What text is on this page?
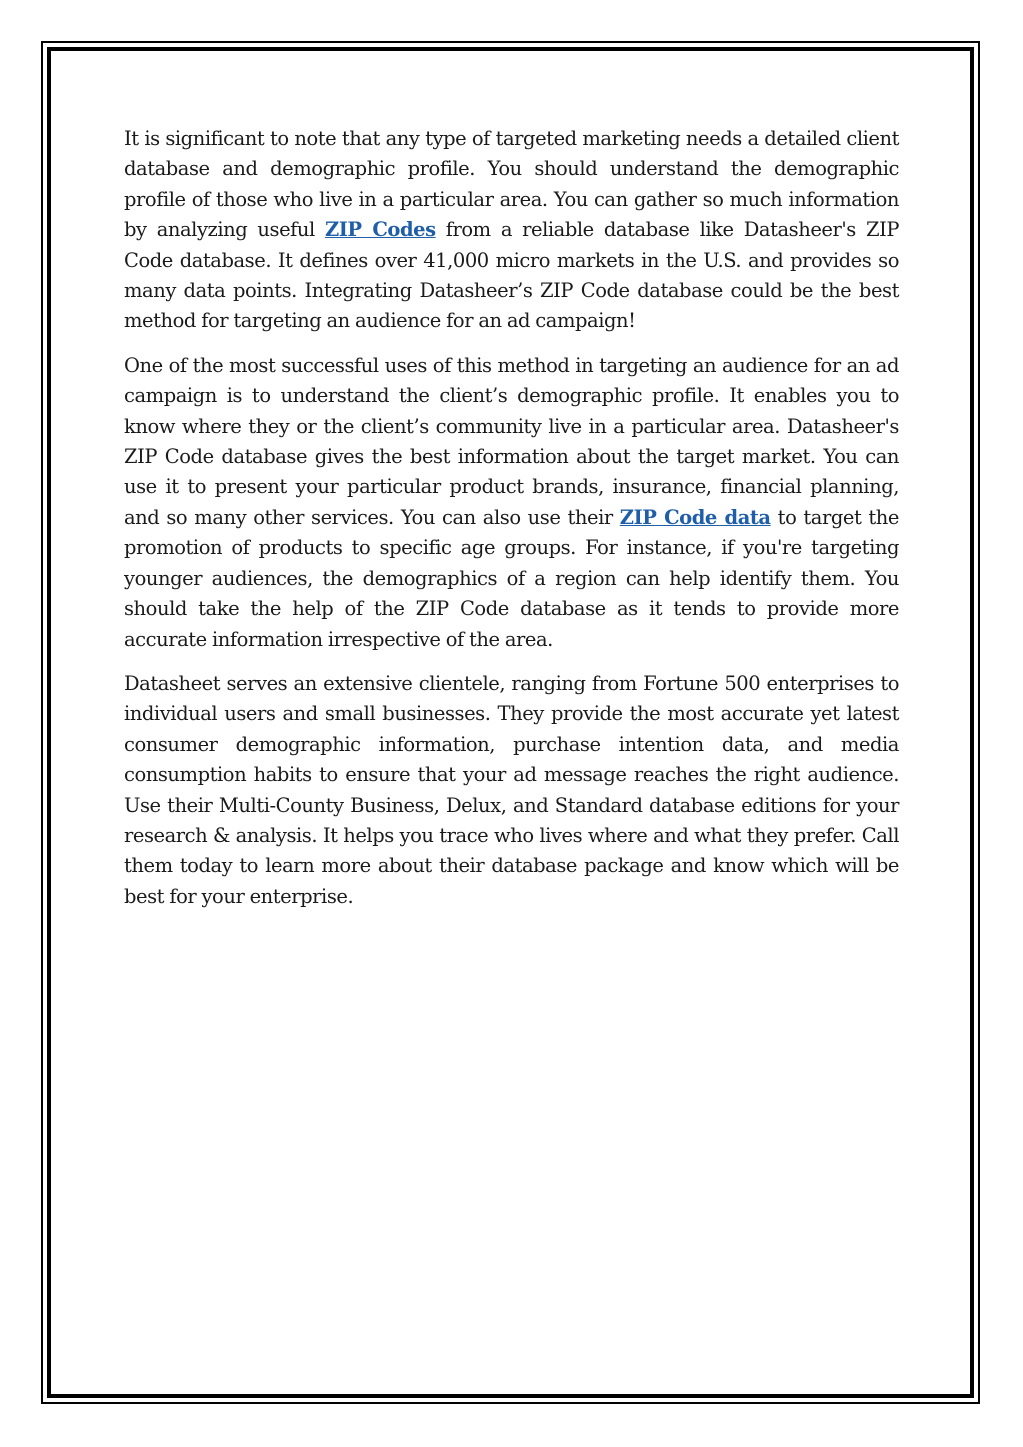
It is significant to note that any type of targeted marketing needs a detailed client database and demographic profile. You should understand the demographic profile of those who live in a particular area. You can gather so much information by analyzing useful ZIP Codes from a reliable database like Datasheer's ZIP Code database. It defines over 41,000 micro markets in the U.S. and provides so many data points. Integrating Datasheer’s ZIP Code database could be the best method for targeting an audience for an ad campaign!

One of the most successful uses of this method in targeting an audience for an ad campaign is to understand the client’s demographic profile. It enables you to know where they or the client’s community live in a particular area. Datasheer's ZIP Code database gives the best information about the target market. You can use it to present your particular product brands, insurance, financial planning, and so many other services. You can also use their ZIP Code data to target the promotion of products to specific age groups. For instance, if you're targeting younger audiences, the demographics of a region can help identify them. You should take the help of the ZIP Code database as it tends to provide more accurate information irrespective of the area.

Datasheet serves an extensive clientele, ranging from Fortune 500 enterprises to individual users and small businesses. They provide the most accurate yet latest consumer demographic information, purchase intention data, and media consumption habits to ensure that your ad message reaches the right audience. Use their Multi-County Business, Delux, and Standard database editions for your research & analysis. It helps you trace who lives where and what they prefer. Call them today to learn more about their database package and know which will be best for your enterprise.
